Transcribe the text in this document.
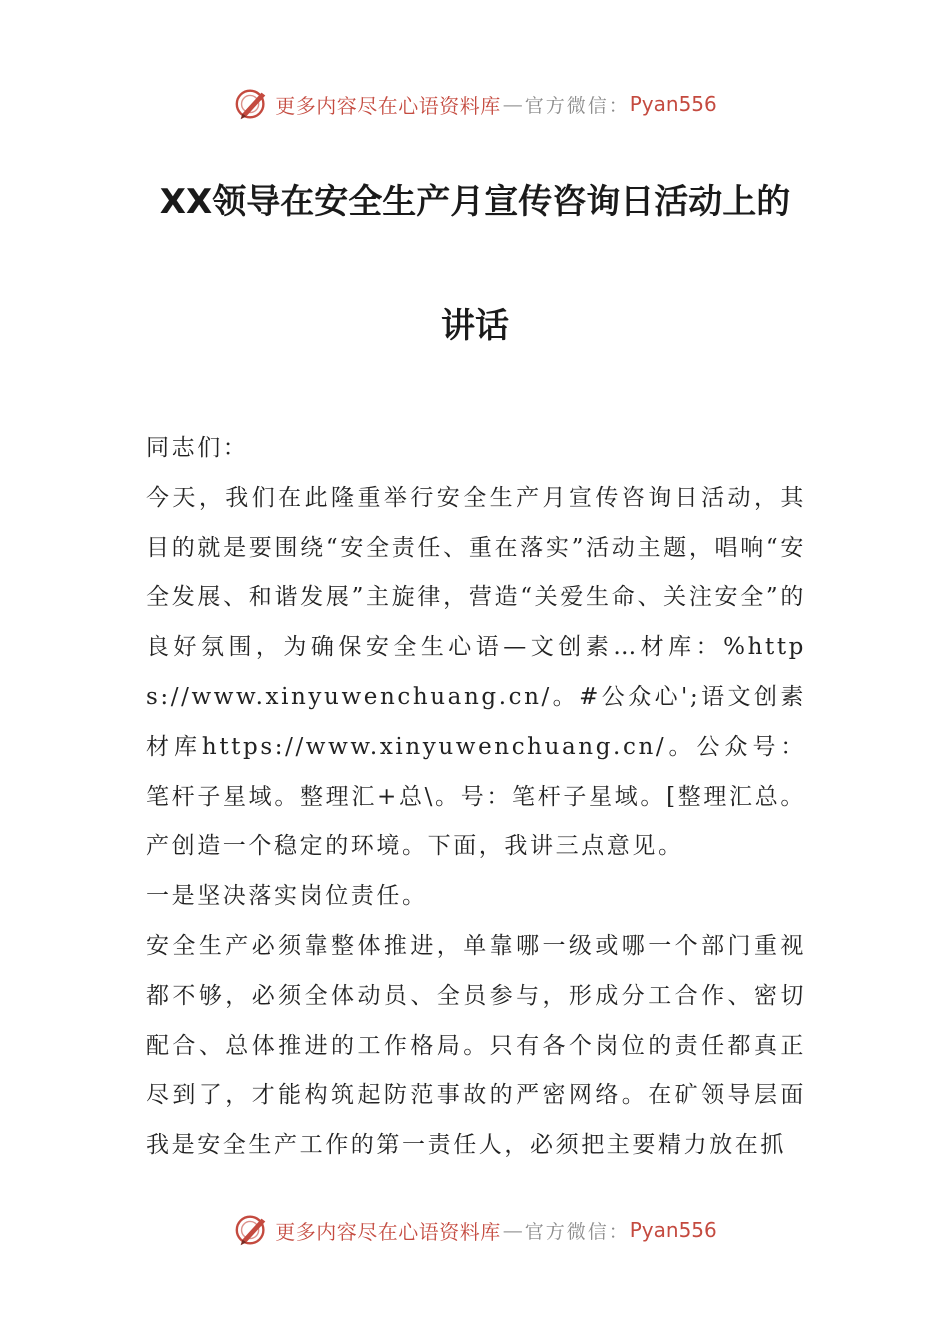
更多内容尽在心语资料库 — 官方微信： Pyan556
XX领导在安全生产月宣传咨询日活动上的
讲话

同志们：

今天，我们在此隆重举行安全生产月宣传咨询日活动，其目的就是要围绕“安全责任、重在落实”活动主题，唱响“安全发展、和谐发展”主旋律，营造“关爱生命、关注安全”的良好氛围，为确保安全生心语—文创素…材库：%https://www.xinyuwenchuang.cn/。#公众心';语文创素材库https://www.xinyuwenchuang.cn/。公众号：笔杆子星域。整理汇+总\。号：笔杆子星域。[整理汇总。产创造一个稳定的环境。下面，我讲三点意见。

一是坚决落实岗位责任。

安全生产必须靠整体推进，单靠哪一级或哪一个部门重视都不够，必须全体动员、全员参与，形成分工合作、密切配合、总体推进的工作格局。只有各个岗位的责任都真正尽到了，才能构筑起防范事故的严密网络。在矿领导层面我是安全生产工作的第一责任人，必须把主要精力放在抓

更多内容尽在心语资料库 — 官方微信： Pyan556
